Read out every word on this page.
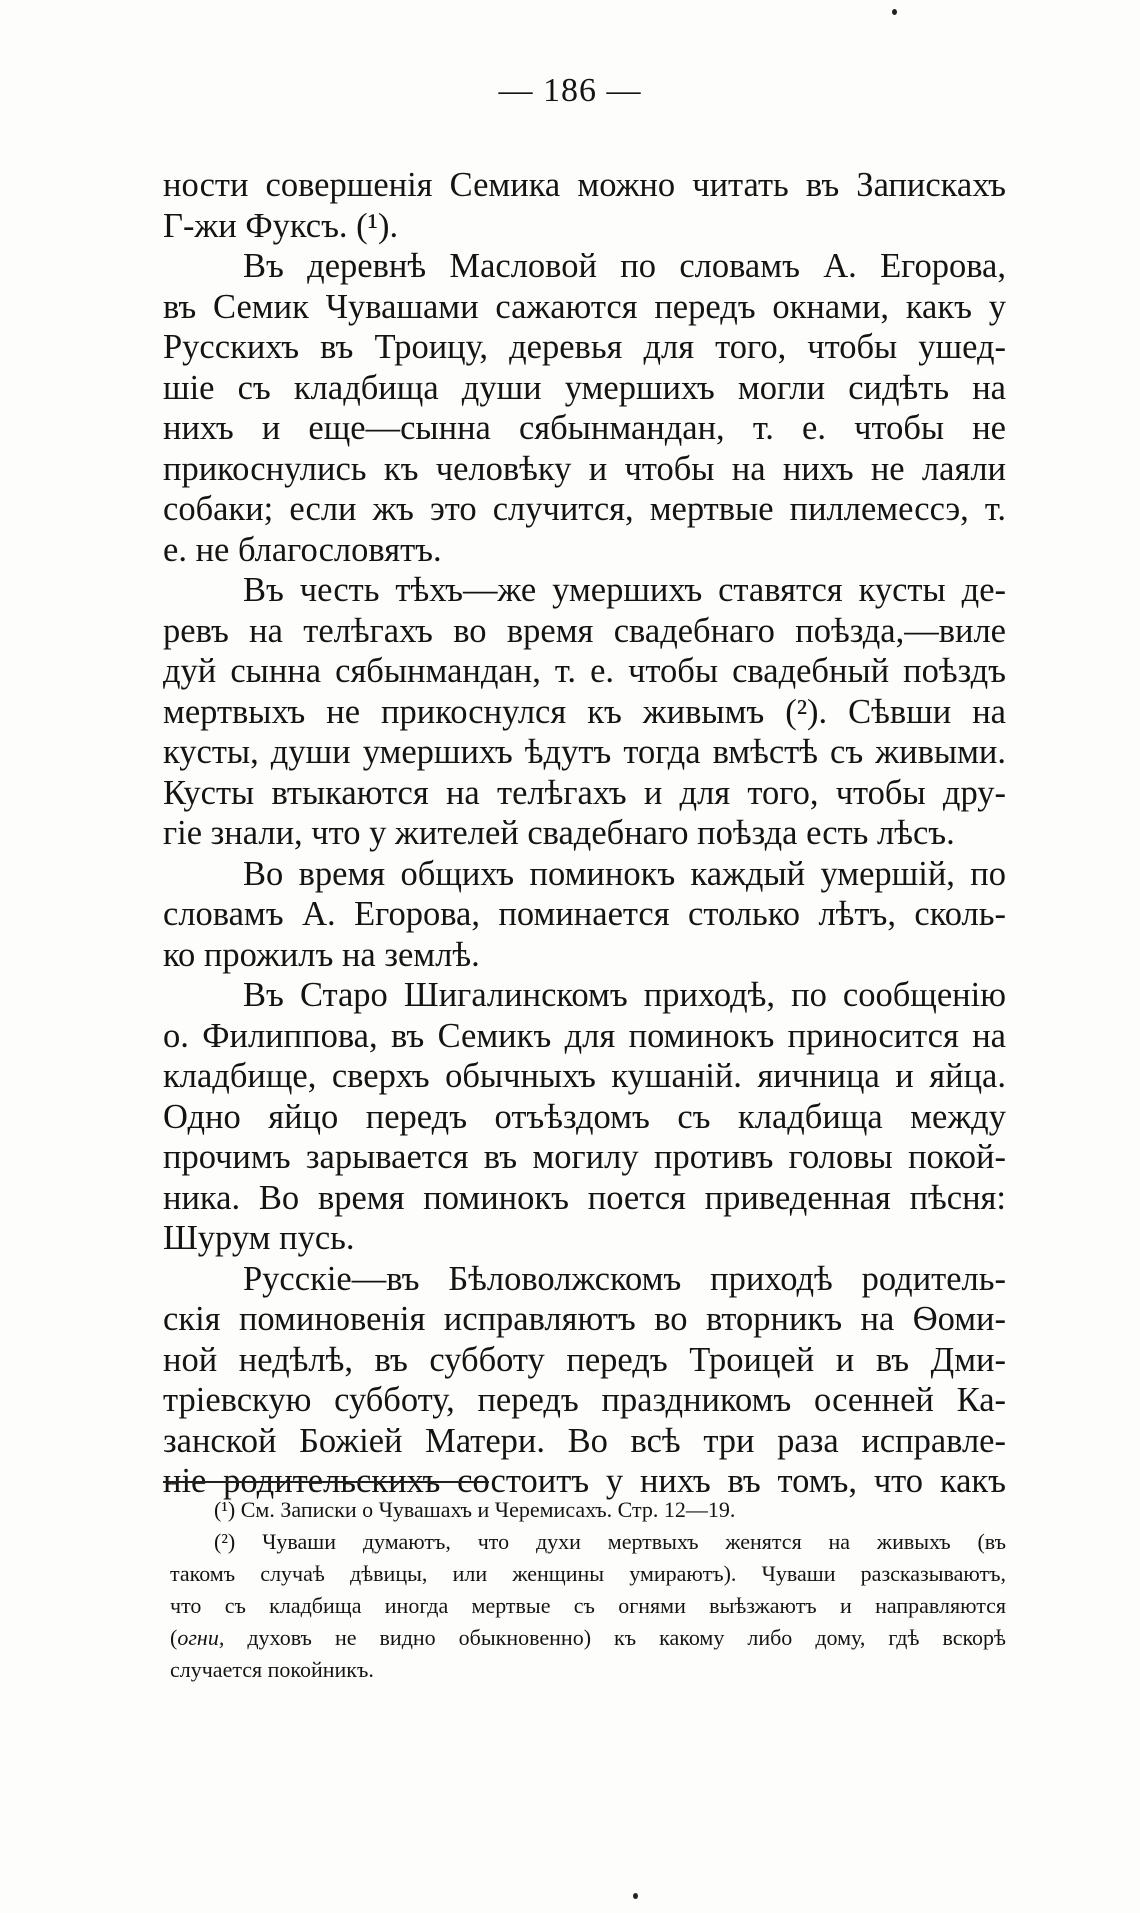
— 186 —
ности совершенія Семика можно читать въ Запискахъ
Г-жи Фуксъ. (¹).
Въ деревнѣ Масловой по словамъ А. Егорова,
въ Семик Чувашами сажаются передъ окнами, какъ у
Русскихъ въ Троицу, деревья для того, чтобы ушед-
шіе съ кладбища души умершихъ могли сидѣть на
нихъ и еще—сынна сябынмандан, т. е. чтобы не
прикоснулись къ человѣку и чтобы на нихъ не лаяли
собаки; если жъ это случится, мертвые пиллемессэ, т.
е. не благословятъ.
Въ честь тѣхъ—же умершихъ ставятся кусты де-
ревъ на телѣгахъ во время свадебнаго поѣзда,—виле
дуй сыннa сябынмандан, т. е. чтобы свадебный поѣздъ
мертвыхъ не прикоснулся къ живымъ (²). Сѣвши на
кусты, души умершихъ ѣдутъ тогда вмѣстѣ съ живыми.
Кусты втыкаются на телѣгахъ и для того, чтобы дру-
гіе знали, что у жителей свадебнаго поѣзда есть лѣсъ.
Во время общихъ поминокъ каждый умершій, по
словамъ А. Егорова, поминается столько лѣтъ, сколь-
ко прожилъ на землѣ.
Въ Старо Шигалинскомъ приходѣ, по сообщенію
о. Филиппова, въ Семикъ для поминокъ приносится на
кладбище, сверхъ обычныхъ кушаній. яичница и яйца.
Одно яйцо передъ отъѣздомъ съ кладбища между
прочимъ зарывается въ могилу противъ головы покой-
ника. Во время поминокъ поется приведенная пѣсня:
Шурум пусь.
Русскіе—въ Бѣловолжскомъ приходѣ родитель-
скія поминовенія исправляютъ во вторникъ на Ѳоми-
ной недѣлѣ, въ субботу передъ Троицей и въ Дми-
тріевскую субботу, передъ праздникомъ осенней Ка-
занской Божіей Матери. Во всѣ три раза исправле-
ніе родительскихъ состоитъ у нихъ въ томъ, что какъ
(¹) См. Записки о Чувашахъ и Черемисахъ. Стр. 12—19.
(²) Чуваши думаютъ, что духи мертвыхъ женятся на живыхъ (въ
такомъ случаѣ дѣвицы, или женщины умираютъ). Чуваши разсказываютъ,
что съ кладбища иногда мертвые съ огнями выѣзжаютъ и направляются
(огни, духовъ не видно обыкновенно) къ какому либо дому, гдѣ вскорѣ
случается покойникъ.
